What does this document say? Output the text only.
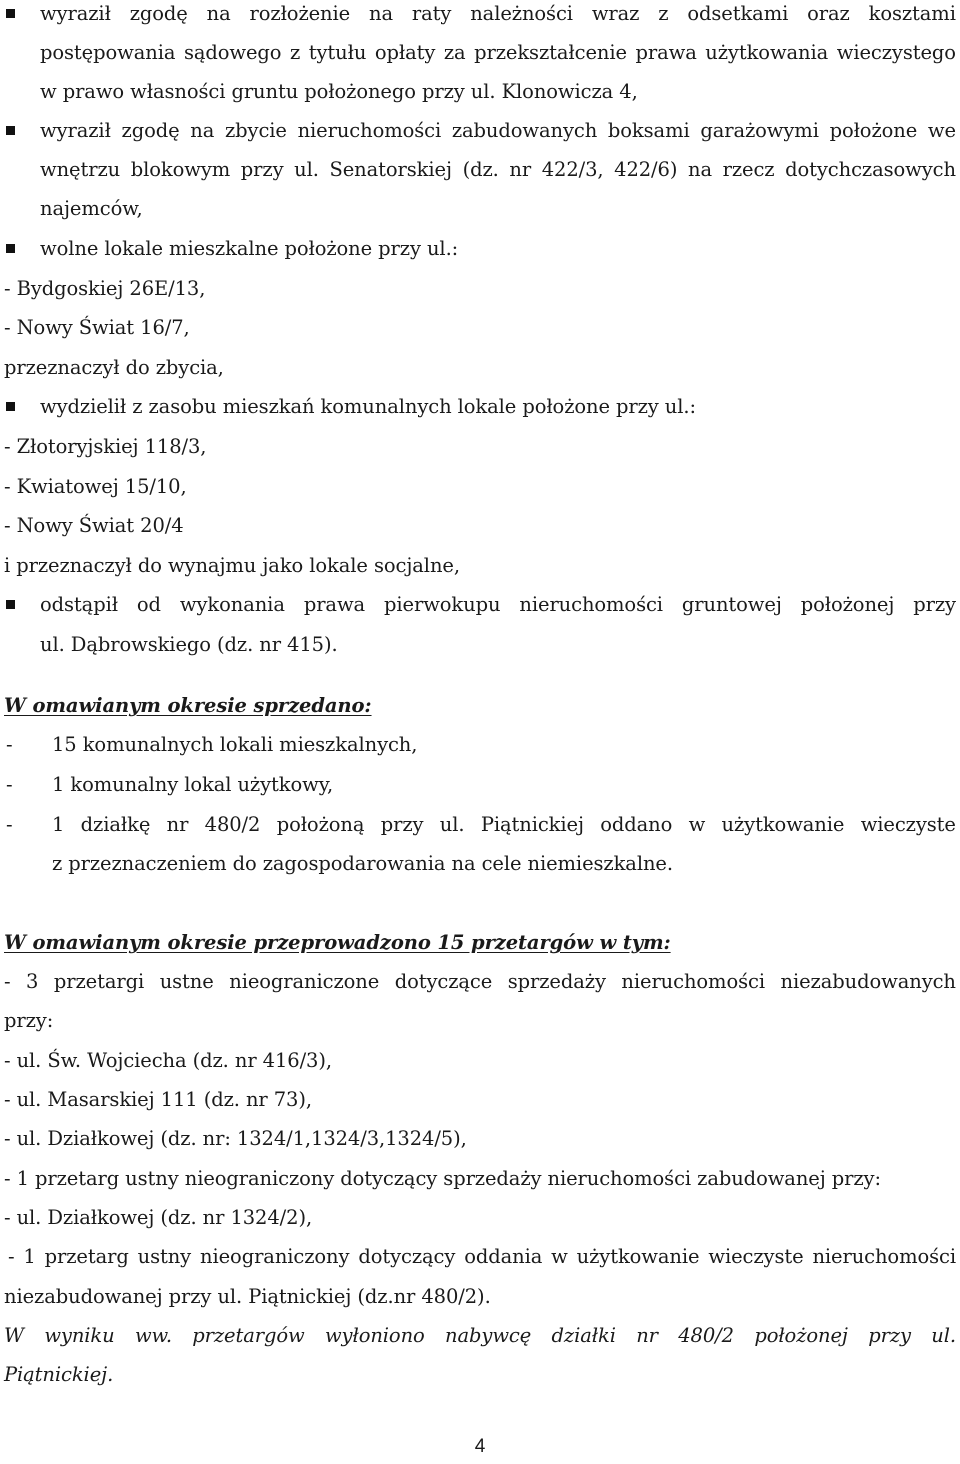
wyraził zgodę na rozłożenie na raty należności wraz z odsetkami oraz kosztami
postępowania sądowego z tytułu opłaty za przekształcenie prawa użytkowania wieczystego
w prawo własności gruntu położonego przy ul. Klonowicza 4,
wyraził zgodę na zbycie nieruchomości zabudowanych boksami garażowymi położone we
wnętrzu blokowym przy ul. Senatorskiej (dz. nr 422/3, 422/6) na rzecz dotychczasowych
najemców,
wolne lokale mieszkalne położone przy ul.:
- Bydgoskiej 26E/13,
- Nowy Świat 16/7,
przeznaczył do zbycia,
wydzielił z zasobu mieszkań komunalnych lokale położone przy ul.:
- Złotoryjskiej 118/3,
- Kwiatowej 15/10,
- Nowy Świat 20/4
i przeznaczył do wynajmu jako lokale socjalne,
odstąpił od wykonania prawa pierwokupu nieruchomości gruntowej położonej przy
ul. Dąbrowskiego (dz. nr 415).
W omawianym okresie sprzedano:
- 15 komunalnych lokali mieszkalnych,
- 1 komunalny lokal użytkowy,
- 1 działkę nr 480/2 położoną przy ul. Piątnickiej oddano w użytkowanie wieczyste
z przeznaczeniem do zagospodarowania na cele niemieszkalne.
W omawianym okresie przeprowadzono 15 przetargów w tym:
- 3 przetargi ustne nieograniczone dotyczące sprzedaży nieruchomości niezabudowanych
przy:
- ul. Św. Wojciecha (dz. nr 416/3),
- ul. Masarskiej 111 (dz. nr 73),
- ul. Działkowej (dz. nr: 1324/1,1324/3,1324/5),
- 1 przetarg ustny nieograniczony dotyczący sprzedaży nieruchomości zabudowanej przy:
- ul. Działkowej (dz. nr 1324/2),
- 1 przetarg ustny nieograniczony dotyczący oddania w użytkowanie wieczyste nieruchomości
niezabudowanej przy ul. Piątnickiej (dz.nr 480/2).
W wyniku ww. przetargów wyłoniono nabywcę działki nr 480/2 położonej przy ul.
Piątnickiej.
4
